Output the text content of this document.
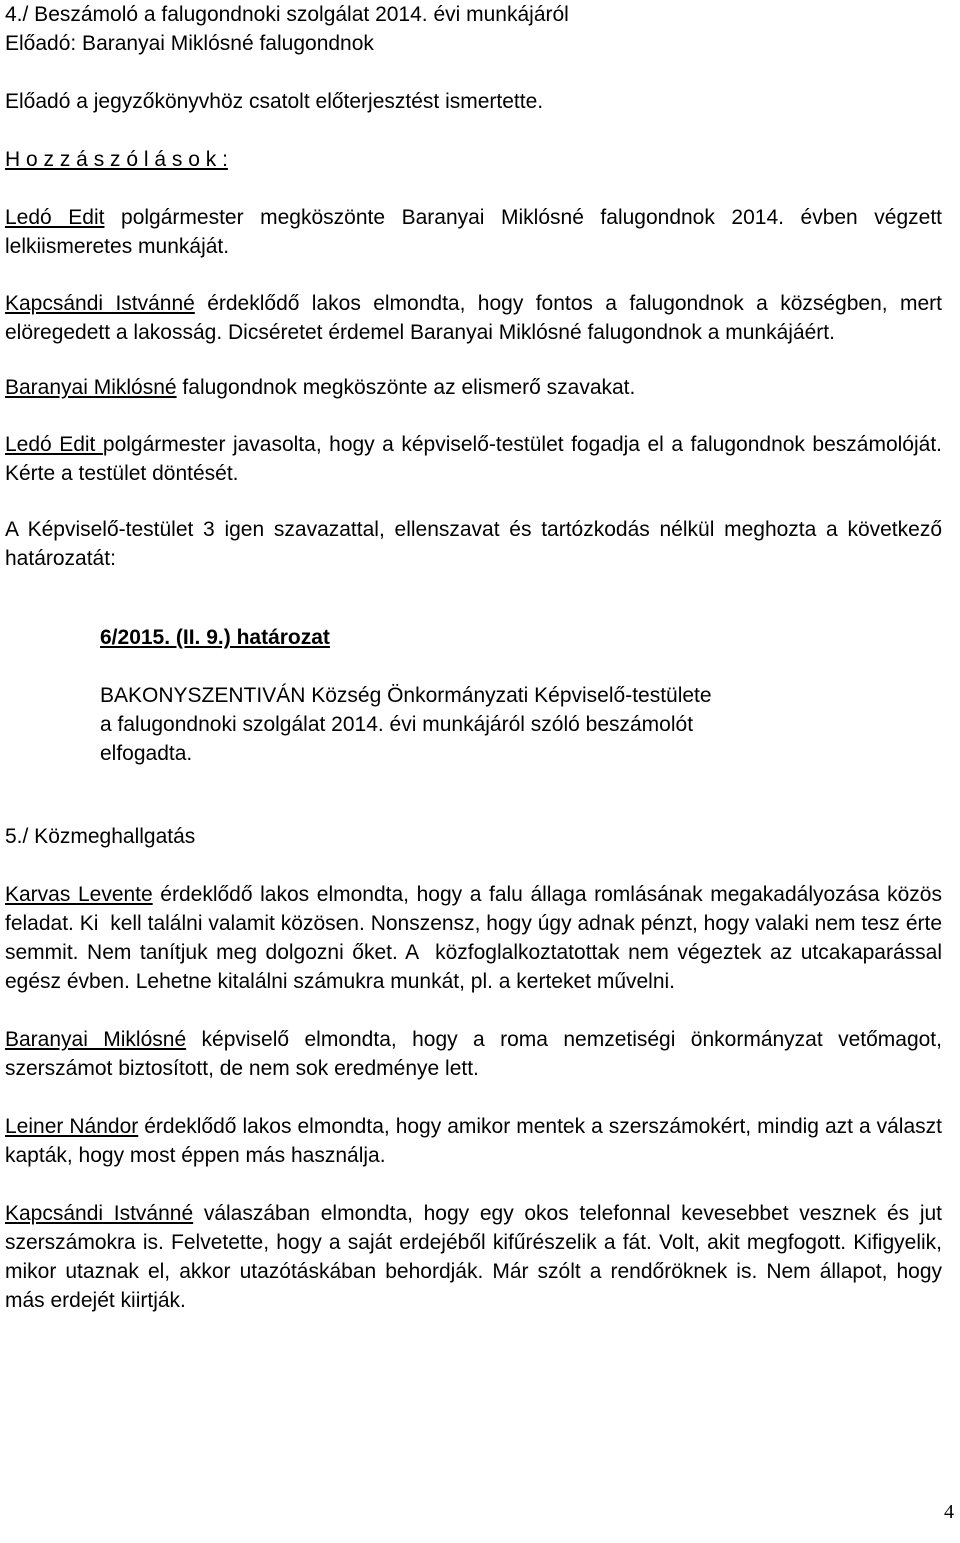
4./ Beszámoló a falugondnoki szolgálat 2014. évi munkájáról

Előadó: Baranyai Miklósné falugondnok

Előadó a jegyzőkönyvhöz csatolt előterjesztést ismertette.

H o z z á s z ó l á s o k :

Ledó Edit polgármester megköszönte Baranyai Miklósné falugondnok 2014. évben végzett lelkiismeretes munkáját.

Kapcsándi Istvánné érdeklődő lakos elmondta, hogy fontos a falugondnok a községben, mert elöregedett a lakosság. Dicséretet érdemel Baranyai Miklósné falugondnok a munkájáért.

Baranyai Miklósné falugondnok megköszönte az elismerő szavakat.

Ledó Edit polgármester javasolta, hogy a képviselő-testület fogadja el a falugondnok beszámolóját. Kérte a testület döntését.

A Képviselő-testület 3 igen szavazattal, ellenszavat és tartózkodás nélkül meghozta a következő határozatát:

6/2015. (II. 9.) határozat

BAKONYSZENTIVÁN Község Önkormányzati Képviselő-testülete

a falugondnoki szolgálat 2014. évi munkájáról szóló beszámolót

elfogadta.

5./ Közmeghallgatás

Karvas Levente érdeklődő lakos elmondta, hogy a falu állaga romlásának megakadályozása közös feladat. Ki  kell találni valamit közösen. Nonszensz, hogy úgy adnak pénzt, hogy valaki nem tesz érte semmit. Nem tanítjuk meg dolgozni őket. A  közfoglalkoztatottak nem végeztek az utcakaparással egész évben. Lehetne kitalálni számukra munkát, pl. a kerteket művelni.

Baranyai Miklósné képviselő elmondta, hogy a roma nemzetiségi önkormányzat vetőmagot, szerszámot biztosított, de nem sok eredménye lett.

Leiner Nándor érdeklődő lakos elmondta, hogy amikor mentek a szerszámokért, mindig azt a választ kapták, hogy most éppen más használja.

Kapcsándi Istvánné válaszában elmondta, hogy egy okos telefonnal kevesebbet vesznek és jut szerszámokra is. Felvetette, hogy a saját erdejéből kifűrészelik a fát. Volt, akit megfogott. Kifigyelik, mikor utaznak el, akkor utazótáskában behordják. Már szólt a rendőröknek is. Nem állapot, hogy más erdejét kiirtják.

4
